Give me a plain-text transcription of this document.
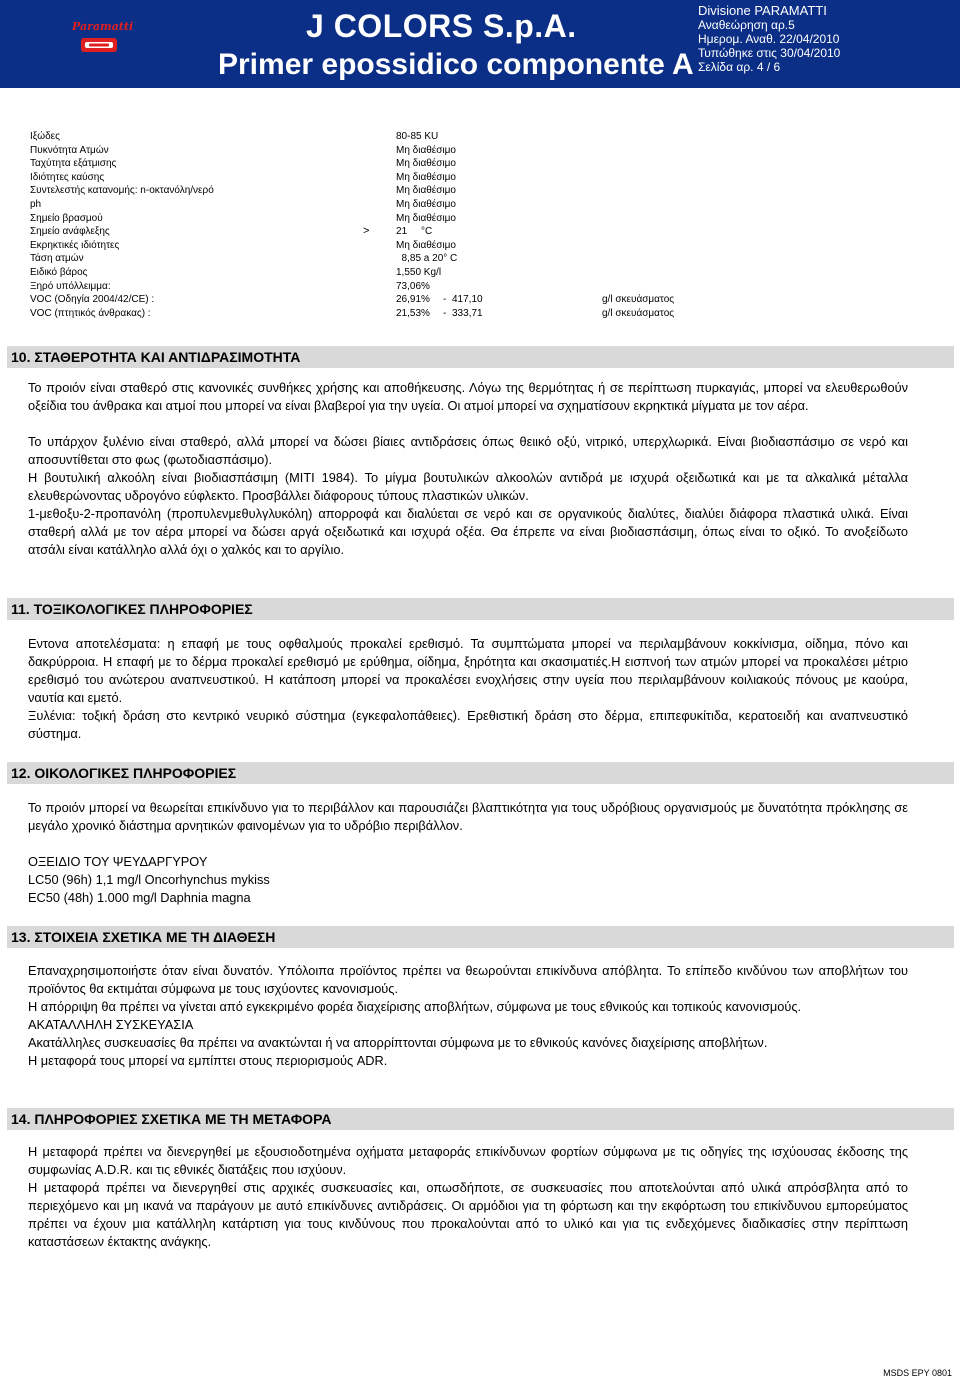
Paramatti	J COLORS S.p.A.
Primer epossidico componente A
Divisione PARAMATTI
Αναθεώρηση αρ.5
Ημερομ. Αναθ. 22/04/2010
Τυπώθηκε στις 30/04/2010
Σελίδα αρ. 4 / 6
Ιξώδες	80-85 KU
Πυκνότητα Ατμών	Μη διαθέσιμο
Ταχύτητα εξάτμισης	Μη διαθέσιμο
Ιδιότητες καύσης	Μη διαθέσιμο
Συντελεστής κατανομής: n-οκτανόλη/νερό	Μη διαθέσιμο
ph	Μη διαθέσιμο
Σημείο βρασμού	Μη διαθέσιμο
Σημείο ανάφλεξης	>	21     °C
Εκρηκτικές ιδιότητες	Μη διαθέσιμο
Τάση ατμών	8,85 a 20° C
Ειδικό βάρος	1,550 Kg/l
Ξηρό υπόλλειμμα:	73,06%
VOC (Οδηγία 2004/42/CE) :	26,91% - 417,10	g/l σκευάσματος
VOC (πτητικός άνθρακας) :	21,53% - 333,71	g/l σκευάσματος
10. ΣΤΑΘΕΡΟΤΗΤΑ ΚΑΙ ΑΝΤΙΔΡΑΣΙΜΟΤΗΤΑ

Το προιόν είναι σταθερό στις κανονικές συνθήκες χρήσης και αποθήκευσης. Λόγω της θερμότητας ή σε περίπτωση πυρκαγιάς, μπορεί να ελευθερωθούν οξείδια του άνθρακα και ατμοί που μπορεί να είναι βλαβεροί για την υγεία. Οι ατμοί μπορεί να σχηματίσουν εκρηκτικά μίγματα με τον αέρα.

Το υπάρχον ξυλένιο είναι σταθερό, αλλά μπορεί να δώσει βίαιες αντιδράσεις όπως θειικό οξύ, νιτρικό, υπερχλωρικά. Είναι βιοδιασπάσιμο σε νερό και αποσυντίθεται στο φως (φωτοδιασπάσιμο).

Η βουτυλική αλκοόλη είναι βιοδιασπάσιμη (MITI 1984). Το μίγμα βουτυλικών αλκοολών αντιδρά με ισχυρά οξειδωτικά και με τα αλκαλικά μέταλλα ελευθερώνοντας υδρογόνο εύφλεκτο. Προσβάλλει διάφορους τύπους πλαστικών υλικών.

1-μεθοξυ-2-προπανόλη (προπυλενμεθυλγλυκόλη) απορροφά και διαλύεται σε νερό και σε οργανικούς διαλύτες, διαλύει διάφορα πλαστικά υλικά. Είναι σταθερή αλλά με τον αέρα μπορεί να δώσει αργά οξειδωτικά και ισχυρά οξέα. Θα έπρεπε να είναι βιοδιασπάσιμη, όπως είναι το οξικό. Το ανοξείδωτο ατσάλι είναι κατάλληλο αλλά όχι ο χαλκός και το αργίλιο.

11. ΤΟΞΙΚΟΛΟΓΙΚΕΣ ΠΛΗΡΟΦΟΡΙΕΣ

Εντονα αποτελέσματα: η επαφή με τους οφθαλμούς προκαλεί ερεθισμό. Τα συμπτώματα μπορεί να περιλαμβάνουν κοκκίνισμα, οίδημα, πόνο και δακρύρροια. Η επαφή με το δέρμα προκαλεί ερεθισμό με ερύθημα, οίδημα, ξηρότητα και σκασιματιές.Η εισπνοή των ατμών μπορεί να προκαλέσει μέτριο ερεθισμό του ανώτερου αναπνευστικού. Η κατάποση μπορεί να προκαλέσει ενοχλήσεις στην υγεία που περιλαμβάνουν κοιλιακούς πόνους με καούρα, ναυτία και εμετό.

Ξυλένια: τοξική δράση στο κεντρικό νευρικό σύστημα (εγκεφαλοπάθειες). Ερεθιστική δράση στο δέρμα, επιπεφυκίτιδα, κερατοειδή και αναπνευστικό σύστημα.

12. ΟΙΚΟΛΟΓΙΚΕΣ ΠΛΗΡΟΦΟΡΙΕΣ

Το προιόν μπορεί να θεωρείται επικίνδυνο για το περιβάλλον και παρουσιάζει βλαπτικότητα για τους υδρόβιους οργανισμούς με δυνατότητα πρόκλησης σε μεγάλο χρονικό διάστημα αρνητικών φαινομένων για το υδρόβιο περιβάλλον.

ΟΞΕΙΔΙΟ ΤΟΥ ΨΕΥΔΑΡΓΥΡΟΥ

LC50 (96h) 1,1 mg/l Oncorhynchus mykiss

EC50 (48h) 1.000 mg/l Daphnia magna

13. ΣΤΟΙΧΕΙΑ ΣΧΕΤΙΚΑ ΜΕ ΤΗ ΔΙΑΘΕΣΗ

Επαναχρησιμοποιήστε όταν είναι δυνατόν. Υπόλοιπα προϊόντος πρέπει να θεωρούνται επικίνδυνα απόβλητα. Το επίπεδο κινδύνου των αποβλήτων του προϊόντος θα εκτιμάται σύμφωνα με τους ισχύοντες κανονισμούς.

Η απόρριψη θα πρέπει να γίνεται από εγκεκριμένο φορέα διαχείρισης αποβλήτων, σύμφωνα με τους εθνικούς και τοπικούς κανονισμούς.

ΑΚΑΤΑΛΛΗΛΗ ΣΥΣΚΕΥΑΣΙΑ

Ακατάλληλες συσκευασίες θα πρέπει να ανακτώνται ή να απορρίπτονται σύμφωνα με το εθνικούς κανόνες διαχείρισης αποβλήτων.

Η μεταφορά τους μπορεί να εμπίπτει στους περιορισμούς ADR.

14. ΠΛΗΡΟΦΟΡΙΕΣ ΣΧΕΤΙΚΑ ΜΕ ΤΗ ΜΕΤΑΦΟΡΑ

Η μεταφορά πρέπει να διενεργηθεί με εξουσιοδοτημένα οχήματα μεταφοράς επικίνδυνων φορτίων σύμφωνα με τις οδηγίες της ισχύουσας έκδοσης της συμφωνίας A.D.R. και τις εθνικές διατάξεις που ισχύουν.

Η μεταφορά πρέπει να διενεργηθεί στις αρχικές συσκευασίες και, οπωσδήποτε, σε συσκευασίες που αποτελούνται από υλικά απρόσβλητα από το περιεχόμενο και μη ικανά να παράγουν με αυτό επικίνδυνες αντιδράσεις. Οι αρμόδιοι για τη φόρτωση και την εκφόρτωση του επικίνδυνου εμπορεύματος πρέπει να έχουν μια κατάλληλη κατάρτιση για τους κινδύνους που προκαλούνται από το υλικό και για τις ενδεχόμενες διαδικασίες στην περίπτωση καταστάσεων έκτακτης ανάγκης.

MSDS EPY 0801
